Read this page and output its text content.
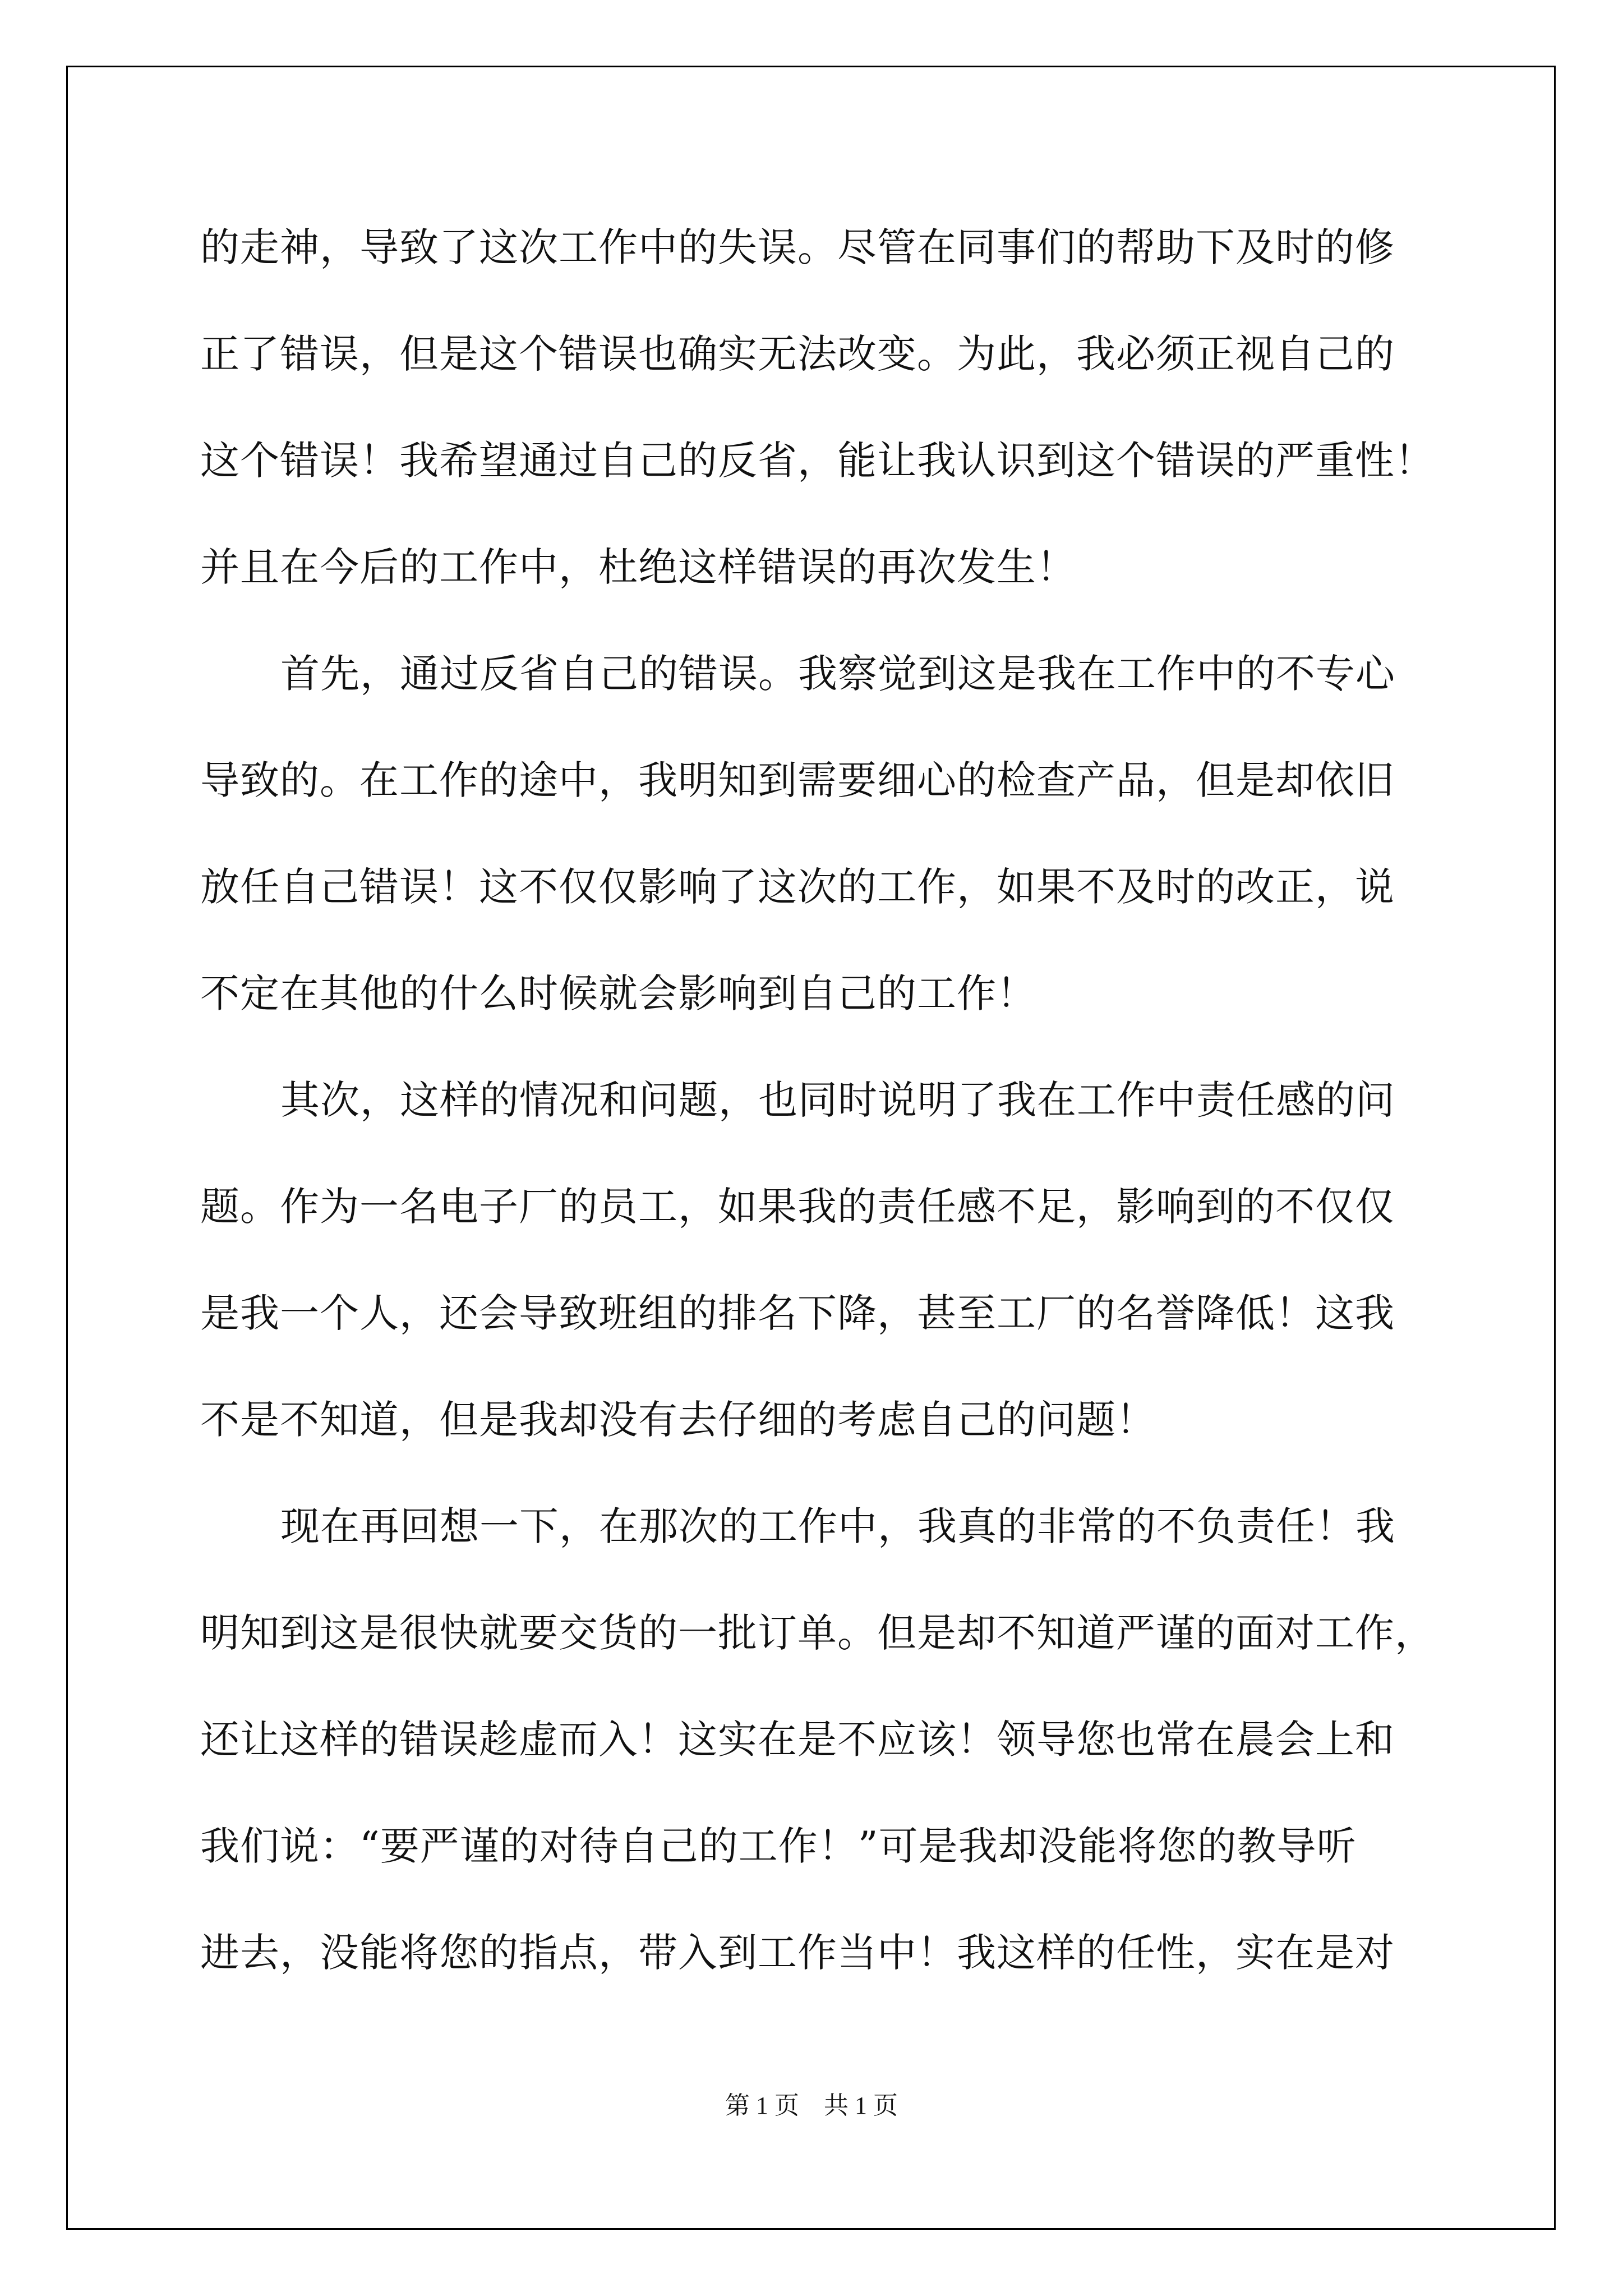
的走神，导致了这次工作中的失误。尽管在同事们的帮助下及时的修
正了错误，但是这个错误也确实无法改变。为此，我必须正视自己的
这个错误！我希望通过自己的反省，能让我认识到这个错误的严重性！
并且在今后的工作中，杜绝这样错误的再次发生！
首先，通过反省自己的错误。我察觉到这是我在工作中的不专心
导致的。在工作的途中，我明知到需要细心的检查产品，但是却依旧
放任自己错误！这不仅仅影响了这次的工作，如果不及时的改正，说
不定在其他的什么时候就会影响到自己的工作！
其次，这样的情况和问题，也同时说明了我在工作中责任感的问
题。作为一名电子厂的员工，如果我的责任感不足，影响到的不仅仅
是我一个人，还会导致班组的排名下降，甚至工厂的名誉降低！这我
不是不知道，但是我却没有去仔细的考虑自己的问题！
现在再回想一下，在那次的工作中，我真的非常的不负责任！我
明知到这是很快就要交货的一批订单。但是却不知道严谨的面对工作，
还让这样的错误趁虚而入！这实在是不应该！领导您也常在晨会上和
我们说：“要严谨的对待自己的工作！”可是我却没能将您的教导听
进去，没能将您的指点，带入到工作当中！我这样的任性，实在是对
第 1 页　共 1 页
